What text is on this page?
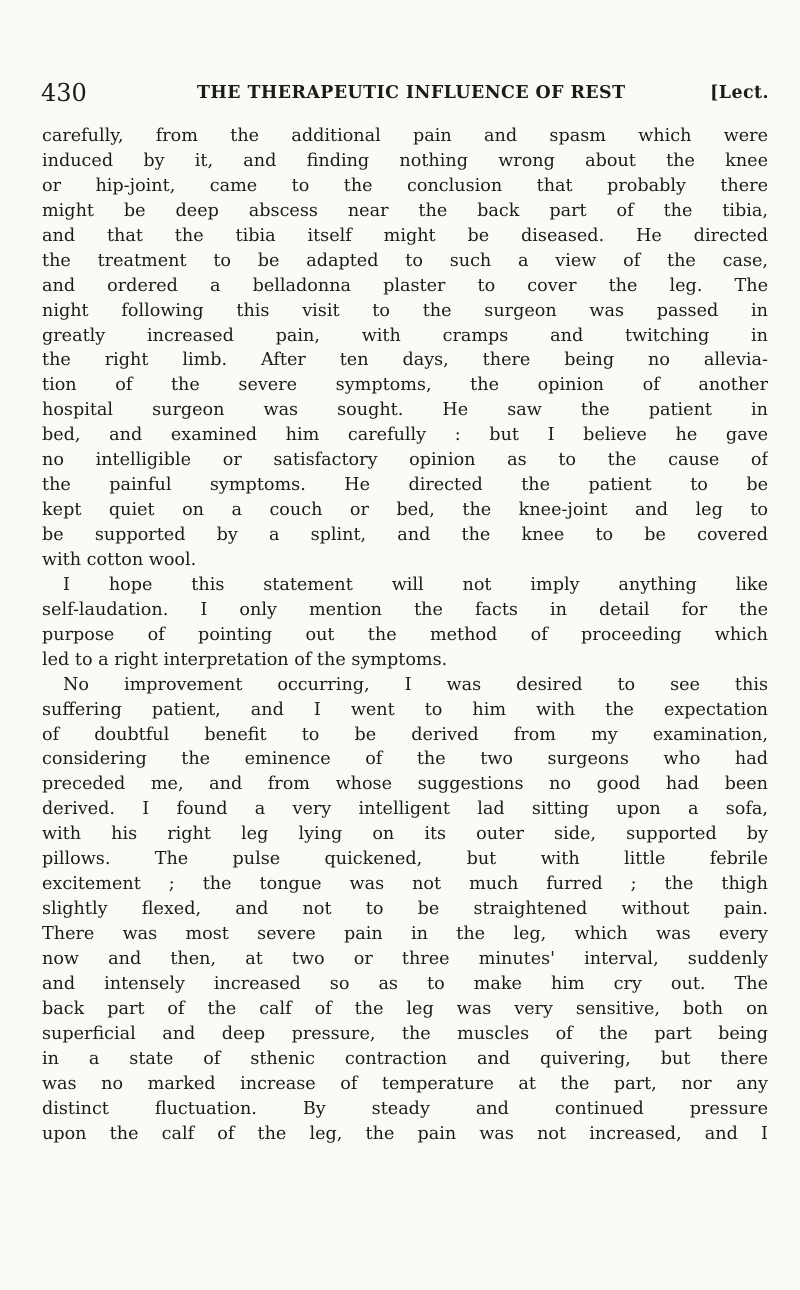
430	THE THERAPEUTIC INFLUENCE OF REST	[Lect.
carefully, from the additional pain and spasm which were
induced by it, and finding nothing wrong about the knee
or hip-joint, came to the conclusion that probably there
might be deep abscess near the back part of the tibia,
and that the tibia itself might be diseased. He directed
the treatment to be adapted to such a view of the case,
and ordered a belladonna plaster to cover the leg. The
night following this visit to the surgeon was passed in
greatly increased pain, with cramps and twitching in
the right limb. After ten days, there being no allevia-
tion of the severe symptoms, the opinion of another
hospital surgeon was sought. He saw the patient in
bed, and examined him carefully : but I believe he gave
no intelligible or satisfactory opinion as to the cause of
the painful symptoms. He directed the patient to be
kept quiet on a couch or bed, the knee-joint and leg to
be supported by a splint, and the knee to be covered
with cotton wool.
I hope this statement will not imply anything like
self-laudation. I only mention the facts in detail for the
purpose of pointing out the method of proceeding which
led to a right interpretation of the symptoms.
No improvement occurring, I was desired to see this
suffering patient, and I went to him with the expectation
of doubtful benefit to be derived from my examination,
considering the eminence of the two surgeons who had
preceded me, and from whose suggestions no good had been
derived. I found a very intelligent lad sitting upon a sofa,
with his right leg lying on its outer side, supported by
pillows. The pulse quickened, but with little febrile
excitement ; the tongue was not much furred ; the thigh
slightly flexed, and not to be straightened without pain.
There was most severe pain in the leg, which was every
now and then, at two or three minutes' interval, suddenly
and intensely increased so as to make him cry out. The
back part of the calf of the leg was very sensitive, both on
superficial and deep pressure, the muscles of the part being
in a state of sthenic contraction and quivering, but there
was no marked increase of temperature at the part, nor any
distinct fluctuation. By steady and continued pressure
upon the calf of the leg, the pain was not increased, and I
